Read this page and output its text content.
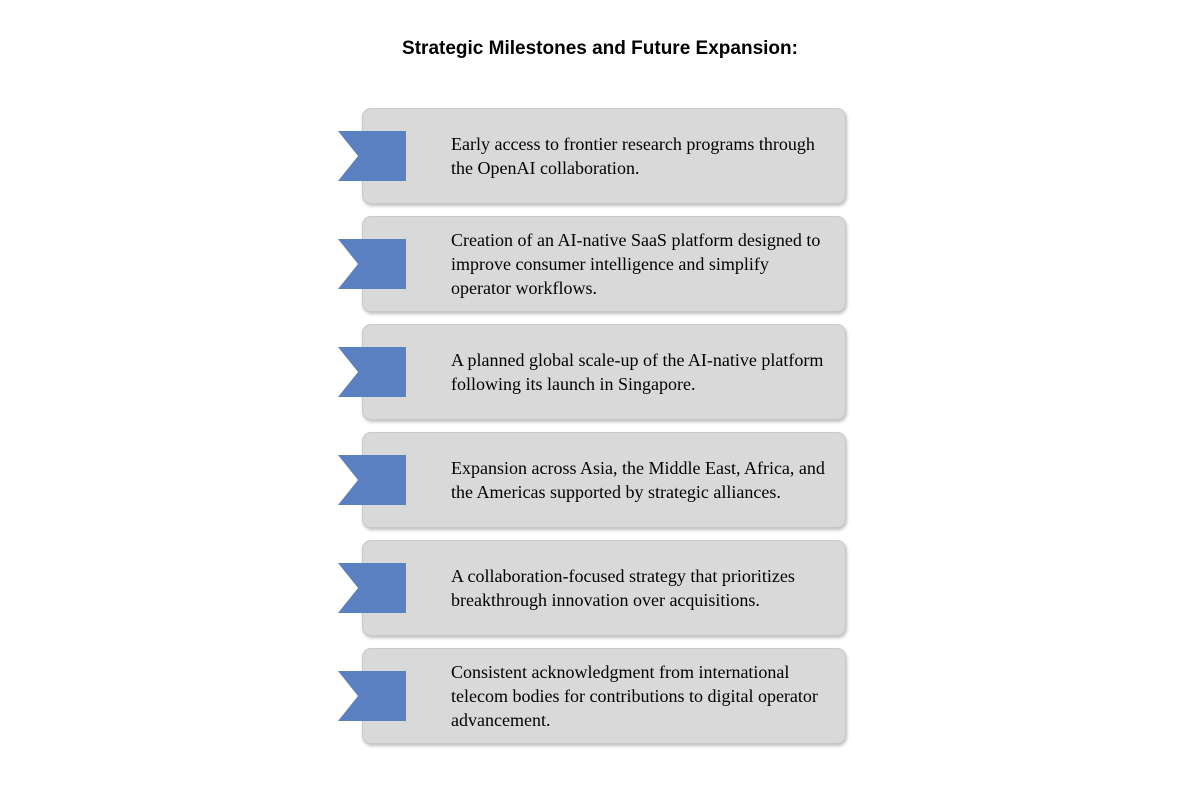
Strategic Milestones and Future Expansion:
Early access to frontier research programs through the OpenAI collaboration.
Creation of an AI-native SaaS platform designed to improve consumer intelligence and simplify operator workflows.
A planned global scale-up of the AI-native platform following its launch in Singapore.
Expansion across Asia, the Middle East, Africa, and the Americas supported by strategic alliances.
A collaboration-focused strategy that prioritizes breakthrough innovation over acquisitions.
Consistent acknowledgment from international telecom bodies for contributions to digital operator advancement.
